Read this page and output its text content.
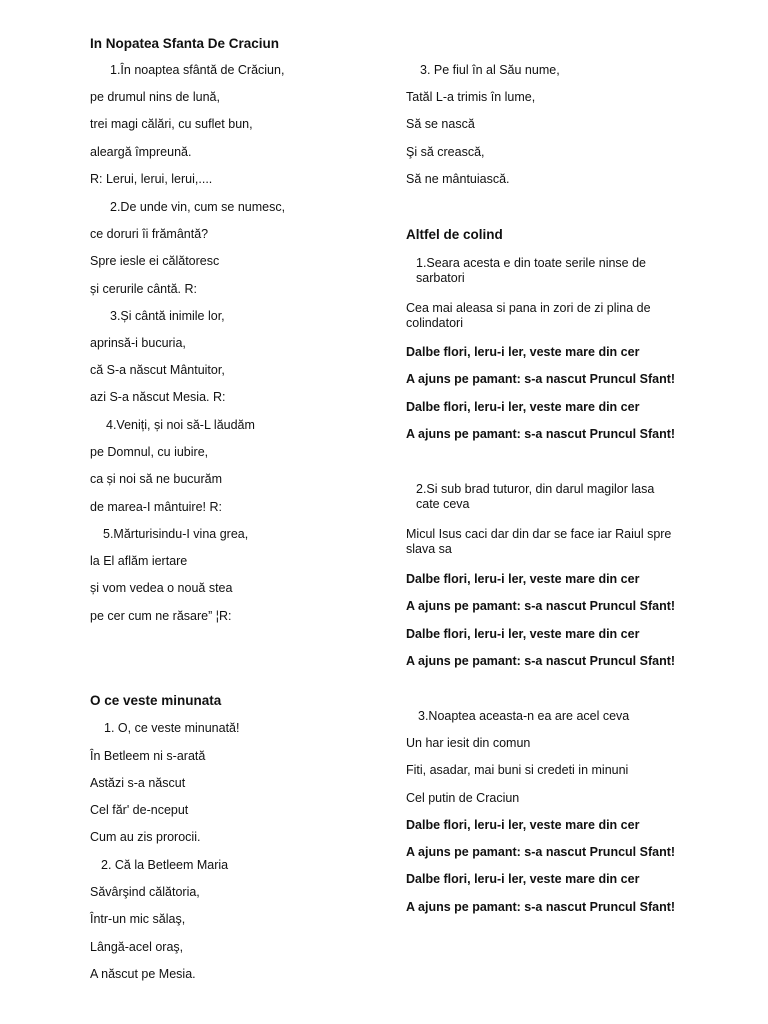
In Nopatea Sfanta De Craciun
1.În noaptea sfântă de Crăciun,
pe drumul nins de lună,
trei magi călări, cu suflet bun,
aleargă împreună.
R: Lerui, lerui, lerui,....
2.De unde vin, cum se numesc,
ce doruri îi frământă?
Spre iesle ei călătoresc
și cerurile cântă. R:
3.Și cântă inimile lor,
aprinsă-i bucuria,
că S-a născut Mântuitor,
azi S-a născut Mesia. R:
4.Veniți, și noi să-L lăudăm
pe Domnul, cu iubire,
ca și noi să ne bucurăm
de marea-I mântuire! R:
5.Mărturisindu-I vina grea,
la El aflăm iertare
și vom vedea o nouă stea
pe cer cum ne răsare” ¦R:
O ce veste minunata
1. O, ce veste minunată!
În Betleem ni s-arată
Astăzi s-a născut
Cel făr' de-nceput
Cum au zis prorocii.
2. Că la Betleem Maria
Săvârşind călătoria,
Într-un mic sălaş,
Lângă-acel oraş,
A născut pe Mesia.
3. Pe fiul în al Său nume,
Tatăl L-a trimis în lume,
Să se nască
Şi să crească,
Să ne mântuiască.
Altfel de colind
1.Seara acesta e din toate serile ninse de sarbatori
Cea mai aleasa si pana in zori de zi plina de colindatori
Dalbe flori, leru-i ler, veste mare din cer
A ajuns pe pamant: s-a nascut Pruncul Sfant!
Dalbe flori, leru-i ler, veste mare din cer
A ajuns pe pamant: s-a nascut Pruncul Sfant!
2.Si sub brad tuturor, din darul magilor lasa cate ceva
Micul Isus caci dar din dar se face iar Raiul spre slava sa
Dalbe flori, leru-i ler, veste mare din cer
A ajuns pe pamant: s-a nascut Pruncul Sfant!
Dalbe flori, leru-i ler, veste mare din cer
A ajuns pe pamant: s-a nascut Pruncul Sfant!
3.Noaptea aceasta-n ea are acel ceva
Un har iesit din comun
Fiti, asadar, mai buni si credeti in minuni
Cel putin de Craciun
Dalbe flori, leru-i ler, veste mare din cer
A ajuns pe pamant: s-a nascut Pruncul Sfant!
Dalbe flori, leru-i ler, veste mare din cer
A ajuns pe pamant: s-a nascut Pruncul Sfant!
